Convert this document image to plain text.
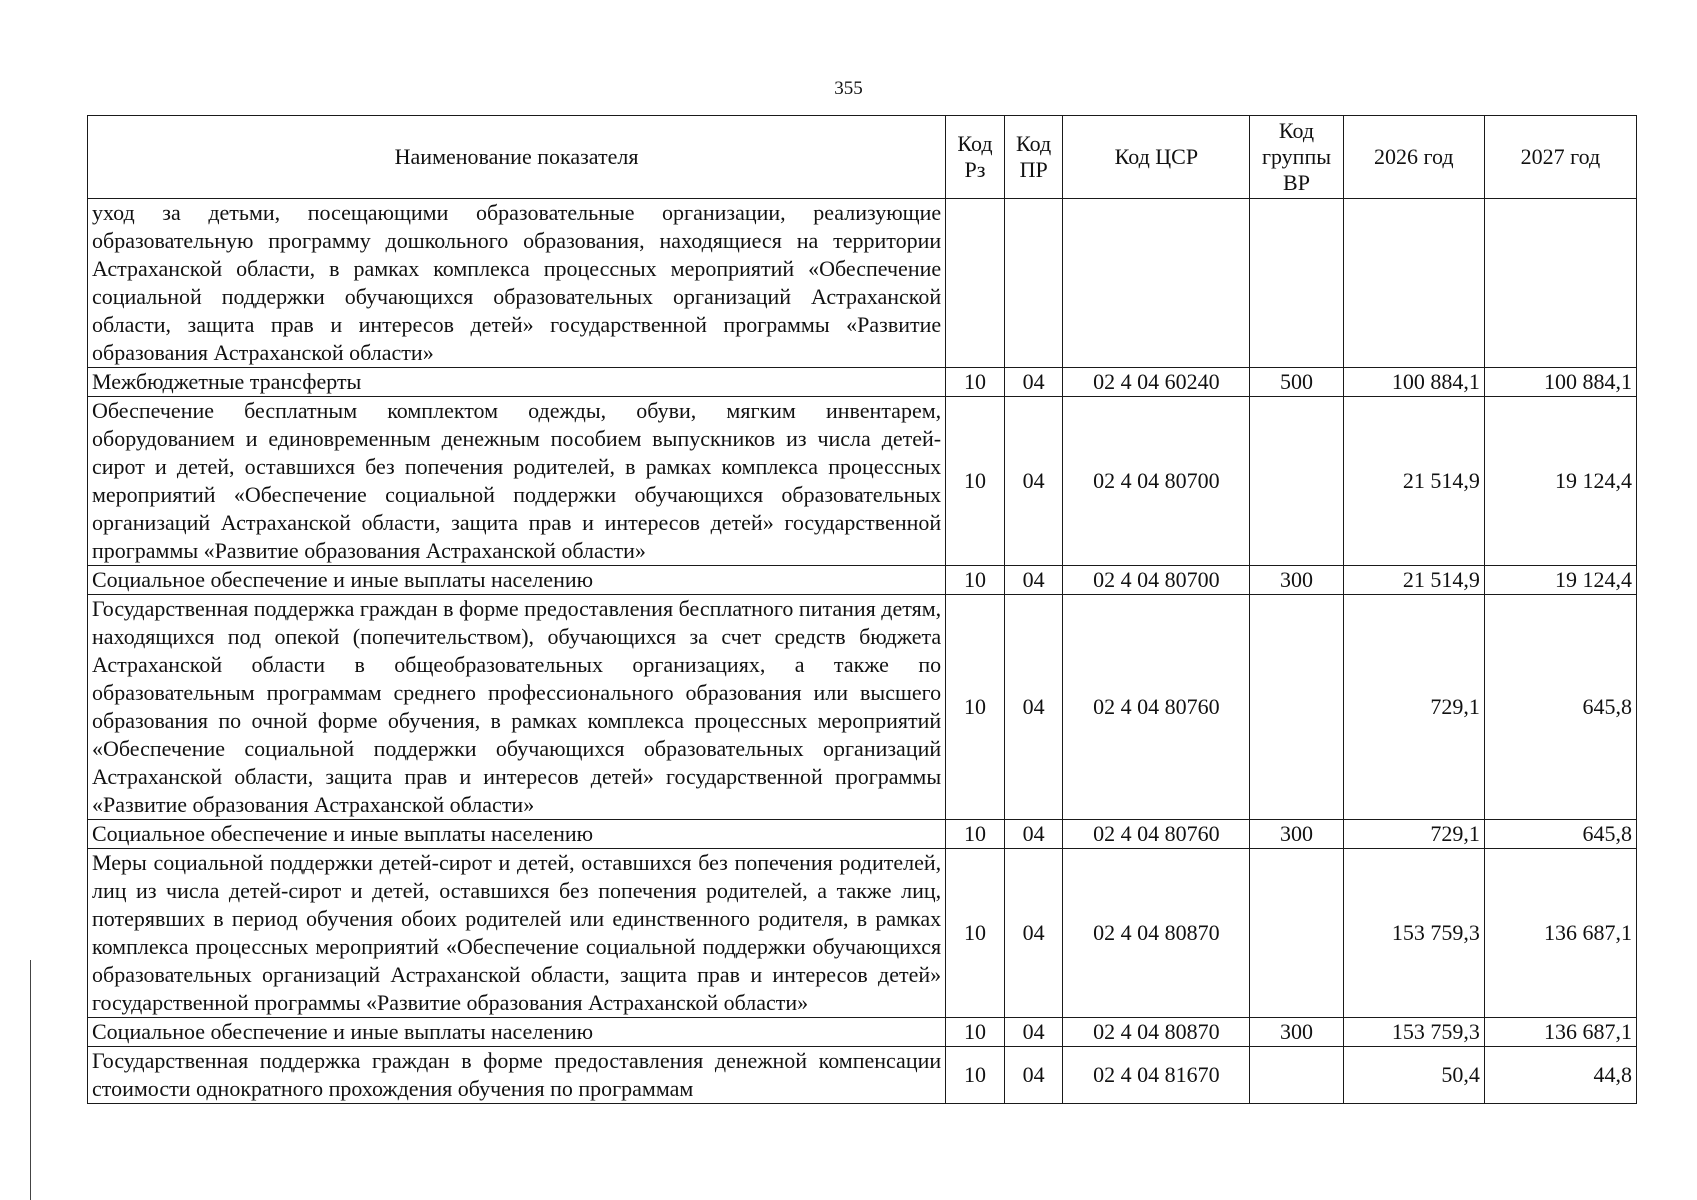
355
Наименование показателя	Код Рз	Код ПР	Код ЦСР	Код группы ВР	2026 год	2027 год
уход за детьми, посещающими образовательные организации, реализующие образовательную программу дошкольного образования, находящиеся на территории Астраханской области, в рамках комплекса процессных мероприятий «Обеспечение социальной поддержки обучающихся образовательных организаций Астраханской области, защита прав и интересов детей» государственной программы «Развитие образования Астраханской области»						
Межбюджетные трансферты	10	04	02 4 04 60240	500	100 884,1	100 884,1
Обеспечение бесплатным комплектом одежды, обуви, мягким инвентарем, оборудованием и единовременным денежным пособием выпускников из числа детей-сирот и детей, оставшихся без попечения родителей, в рамках комплекса процессных мероприятий «Обеспечение социальной поддержки обучающихся образовательных организаций Астраханской области, защита прав и интересов детей» государственной программы «Развитие образования Астраханской области»	10	04	02 4 04 80700		21 514,9	19 124,4
Социальное обеспечение и иные выплаты населению	10	04	02 4 04 80700	300	21 514,9	19 124,4
Государственная поддержка граждан в форме предоставления бесплатного питания детям, находящихся под опекой (попечительством), обучающихся за счет средств бюджета Астраханской области в общеобразовательных организациях, а также по образовательным программам среднего профессионального образования или высшего образования по очной форме обучения, в рамках комплекса процессных мероприятий «Обеспечение социальной поддержки обучающихся образовательных организаций Астраханской области, защита прав и интересов детей» государственной программы «Развитие образования Астраханской области»	10	04	02 4 04 80760		729,1	645,8
Социальное обеспечение и иные выплаты населению	10	04	02 4 04 80760	300	729,1	645,8
Меры социальной поддержки детей-сирот и детей, оставшихся без попечения родителей, лиц из числа детей-сирот и детей, оставшихся без попечения родителей, а также лиц, потерявших в период обучения обоих родителей или единственного родителя, в рамках комплекса процессных мероприятий «Обеспечение социальной поддержки обучающихся образовательных организаций Астраханской области, защита прав и интересов детей» государственной программы «Развитие образования Астраханской области»	10	04	02 4 04 80870		153 759,3	136 687,1
Социальное обеспечение и иные выплаты населению	10	04	02 4 04 80870	300	153 759,3	136 687,1
Государственная поддержка граждан в форме предоставления денежной компенсации стоимости однократного прохождения обучения по программам	10	04	02 4 04 81670		50,4	44,8
